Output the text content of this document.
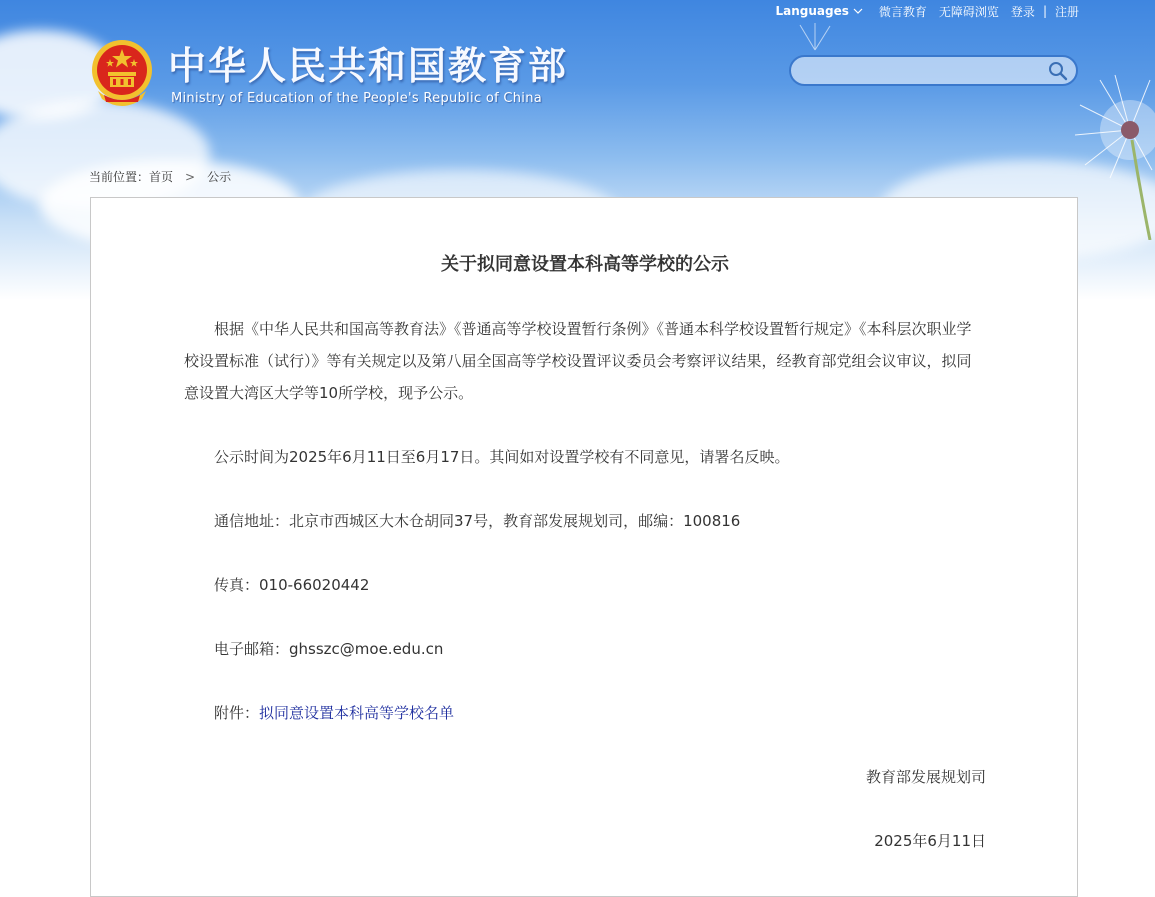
Languages	微言教育 无障碍浏览 登录 | 注册
中华人民共和国教育部
Ministry of Education of the People's Republic of China
当前位置： 首页 > 公示
关于拟同意设置本科高等学校的公示

根据《中华人民共和国高等教育法》《普通高等学校设置暂行条例》《普通本科学校设置暂行规定》《本科层次职业学校设置标准（试行）》等有关规定以及第八届全国高等学校设置评议委员会考察评议结果，经教育部党组会议审议，拟同意设置大湾区大学等10所学校，现予公示。

公示时间为2025年6月11日至6月17日。其间如对设置学校有不同意见，请署名反映。

通信地址：北京市西城区大木仓胡同37号，教育部发展规划司，邮编：100816

传真：010-66020442

电子邮箱：ghsszc@moe.edu.cn

附件：拟同意设置本科高等学校名单

教育部发展规划司

2025年6月11日
